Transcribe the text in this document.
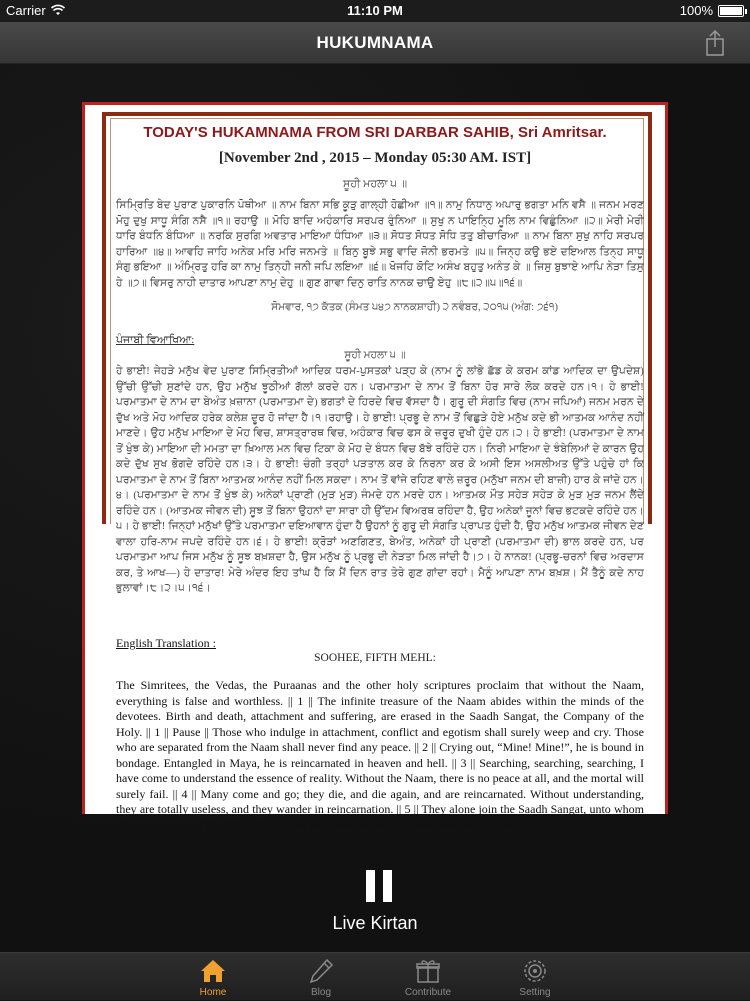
Carrier	11:10 PM	100%
HUKUMNAMA
TODAY'S HUKAMNAMA FROM SRI DARBAR SAHIB, Sri Amritsar.
[November 2nd , 2015 – Monday 05:30 AM. IST]
ਸੂਹੀ ਮਹਲਾ ੫ ॥
ਸਿਮ੍ਰਿਤਿ ਬੇਦ ਪੁਰਾਣ ਪੁਕਾਰਨਿ ਪੋਥੀਆ ॥ ਨਾਮ ਬਿਨਾ ਸਭਿ ਕੂੜੁ ਗਾਲ੍ਹੀ ਹੋਛੀਆ ॥੧॥ ਨਾਮੁ ਨਿਧਾਨੁ ਅਪਾਰੁ ਭਗਤਾ ਮਨਿ ਵਸੈ ॥ ਜਨਮ ਮਰਣ ਮੋਹੁ ਦੁਖੁ ਸਾਧੂ ਸੰਗਿ ਨਸੈ ॥੧॥ ਰਹਾਉ ॥ ਮੋਹਿ ਬਾਦਿ ਅਹੰਕਾਰਿ ਸਰਪਰ ਰੁੰਨਿਆ ॥ ਸੁਖੁ ਨ ਪਾਇਨ੍ਹਿ ਮੂਲਿ ਨਾਮ ਵਿਛੁੰਨਿਆ ॥੨॥ ਮੇਰੀ ਮੇਰੀ ਧਾਰਿ ਬੰਧਨਿ ਬੰਧਿਆ ॥ ਨਰਕਿ ਸੁਰਗਿ ਅਵਤਾਰ ਮਾਇਆ ਧੰਧਿਆ ॥੩॥ ਸੋਧਤ ਸੋਧਤ ਸੋਧਿ ਤਤੁ ਬੀਚਾਰਿਆ ॥ ਨਾਮ ਬਿਨਾ ਸੁਖੁ ਨਾਹਿ ਸਰਪਰ ਹਾਰਿਆ ॥੪॥ ਆਵਹਿ ਜਾਹਿ ਅਨੇਕ ਮਰਿ ਮਰਿ ਜਨਮਤੇ ॥ ਬਿਨੁ ਬੂਝੇ ਸਭੁ ਵਾਦਿ ਜੋਨੀ ਭਰਮਤੇ ॥੫॥ ਜਿਨ੍ਹ ਕਉ ਭਏ ਦਇਆਲ ਤਿਨ੍ਹ ਸਾਧੂ ਸੰਗੁ ਭਇਆ ॥ ਅੰਮ੍ਰਿਤੁ ਹਰਿ ਕਾ ਨਾਮੁ ਤਿਨ੍ਹੀ ਜਨੀ ਜਪਿ ਲਇਆ ॥੬॥ ਖੋਜਹਿ ਕੋਟਿ ਅਸੰਖ ਬਹੁਤੁ ਅਨੰਤ ਕੇ ॥ ਜਿਸੁ ਬੁਝਾਏ ਆਪਿ ਨੇੜਾ ਤਿਸੁ ਹੇ ॥੭॥ ਵਿਸਰੁ ਨਾਹੀ ਦਾਤਾਰ ਆਪਣਾ ਨਾਮੁ ਦੇਹੁ ॥ ਗੁਣ ਗਾਵਾ ਦਿਨੁ ਰਾਤਿ ਨਾਨਕ ਚਾਉ ਏਹੁ ॥੮॥੨॥੫॥੧੬॥
ਸੋਮਵਾਰ, ੧੭ ਕੱਤਕ (ਸੰਮਤ ੫੪੭ ਨਾਨਕਸ਼ਾਹੀ) ੨ ਨਵੰਬਰ, ੨੦੧੫ (ਅੰਗ: ੭੬੧)
ਪੰਜਾਬੀ ਵਿਆਖਿਆ:
ਸੂਹੀ ਮਹਲਾ ੫ ॥
ਹੇ ਭਾਈ! ਜੇਹੜੇ ਮਨੁੱਖ ਵੇਦ ਪੁਰਾਣ ਸਿਮ੍ਰਿਤੀਆਂ ਆਦਿਕ ਧਰਮ-ਪੁਸਤਕਾਂ ਪੜ੍ਹ ਕੇ (ਨਾਮ ਨੂੰ ਲਾਂਭੇ ਛੱਡ ਕੇ ਕਰਮ ਕਾਂਡ ਆਦਿਕ ਦਾ ਉਪਦੇਸ਼) ਉੱਚੀ ਉੱਚੀ ਸੁਣਾਂਦੇ ਹਨ, ਉਹ ਮਨੁੱਖ ਝੂਠੀਆਂ ਗੱਲਾਂ ਕਰਦੇ ਹਨ। ਪਰਮਾਤਮਾ ਦੇ ਨਾਮ ਤੋਂ ਬਿਨਾ ਹੋਰ ਸਾਰੇ ਲੋਕ ਕਰਦੇ ਹਨ।੧। ਹੇ ਭਾਈ! ਪਰਮਾਤਮਾ ਦੇ ਨਾਮ ਦਾ ਬੇਅੰਤ ਖ਼ਜ਼ਾਨਾ (ਪਰਮਾਤਮਾ ਦੇ) ਭਗਤਾਂ ਦੇ ਹਿਰਦੇ ਵਿਚ ਵੱਸਦਾ ਹੈ। ਗੁਰੂ ਦੀ ਸੰਗਤਿ ਵਿਚ (ਨਾਮ ਜਪਿਆਂ) ਜਨਮ ਮਰਨ ਦੇ ਦੁੱਖ ਅਤੇ ਮੋਹ ਆਦਿਕ ਹਰੇਕ ਕਲੇਸ਼ ਦੂਰ ਹੋ ਜਾਂਦਾ ਹੈ।੧।ਰਹਾਉ। ਹੇ ਭਾਈ! ਪ੍ਰਭੂ ਦੇ ਨਾਮ ਤੋਂ ਵਿਛੁੜੇ ਹੋਏ ਮਨੁੱਖ ਕਦੇ ਭੀ ਆਤਮਕ ਆਨੰਦ ਨਹੀਂ ਮਾਣਦੇ। ਉਹ ਮਨੁੱਖ ਮਾਇਆ ਦੇ ਮੋਹ ਵਿਚ, ਸ਼ਾਸਤ੍ਰਾਰਥ ਵਿਚ, ਅਹੰਕਾਰ ਵਿਚ ਫਸ ਕੇ ਜ਼ਰੂਰ ਦੁਖੀ ਹੁੰਦੇ ਹਨ।੨। ਹੇ ਭਾਈ! (ਪਰਮਾਤਮਾ ਦੇ ਨਾਮ ਤੋਂ ਖੁੰਝ ਕੇ) ਮਾਇਆ ਦੀ ਮਮਤਾ ਦਾ ਖ਼ਿਆਲ ਮਨ ਵਿਚ ਟਿਕਾ ਕੇ ਮੋਹ ਦੇ ਬੰਧਨ ਵਿਚ ਬੱਝੇ ਰਹਿੰਦੇ ਹਨ। ਨਿਰੀ ਮਾਇਆ ਦੇ ਝੰਬੇਲਿਆਂ ਦੇ ਕਾਰਨ ਉਹ ਕਦੇ ਦੁੱਖ ਸੁਖ ਭੋਗਦੇ ਰਹਿੰਦੇ ਹਨ।੩। ਹੇ ਭਾਈ! ਚੰਗੀ ਤਰ੍ਹਾਂ ਪੜਤਾਲ ਕਰ ਕੇ ਨਿਰਨਾ ਕਰ ਕੇ ਅਸੀ ਇਸ ਅਸਲੀਅਤ ਉੱਤੇ ਪਹੁੰਚੇ ਹਾਂ ਕਿ ਪਰਮਾਤਮਾ ਦੇ ਨਾਮ ਤੋਂ ਬਿਨਾ ਆਤਮਕ ਆਨੰਦ ਨਹੀਂ ਮਿਲ ਸਕਦਾ। ਨਾਮ ਤੋਂ ਵਾਂਜੇ ਰਹਿਣ ਵਾਲੇ ਜ਼ਰੂਰ (ਮਨੁੱਖਾ ਜਨਮ ਦੀ ਬਾਜ਼ੀ) ਹਾਰ ਕੇ ਜਾਂਦੇ ਹਨ।੪। (ਪਰਮਾਤਮਾ ਦੇ ਨਾਮ ਤੋਂ ਖੁੰਝ ਕੇ) ਅਨੇਕਾਂ ਪ੍ਰਾਣੀ (ਮੁੜ ਮੁੜ) ਜੰਮਦੇ ਹਨ ਮਰਦੇ ਹਨ। ਆਤਮਕ ਮੌਤ ਸਹੇੜ ਸਹੇੜ ਕੇ ਮੁੜ ਮੁੜ ਜਨਮ ਲੈਂਦੇ ਰਹਿੰਦੇ ਹਨ। (ਆਤਮਕ ਜੀਵਨ ਦੀ) ਸੂਝ ਤੋਂ ਬਿਨਾ ਉਹਨਾਂ ਦਾ ਸਾਰਾ ਹੀ ਉੱਦਮ ਵਿਅਰਥ ਰਹਿੰਦਾ ਹੈ, ਉਹ ਅਨੇਕਾਂ ਜੂਨਾਂ ਵਿਚ ਭਟਕਦੇ ਰਹਿੰਦੇ ਹਨ।੫। ਹੇ ਭਾਈ! ਜਿਨ੍ਹਾਂ ਮਨੁੱਖਾਂ ਉੱਤੇ ਪਰਮਾਤਮਾ ਦਇਆਵਾਨ ਹੁੰਦਾ ਹੈ ਉਹਨਾਂ ਨੂੰ ਗੁਰੂ ਦੀ ਸੰਗਤਿ ਪ੍ਰਾਪਤ ਹੁੰਦੀ ਹੈ, ਉਹ ਮਨੁੱਖ ਆਤਮਕ ਜੀਵਨ ਦੇਣ ਵਾਲਾ ਹਰਿ-ਨਾਮ ਜਪਦੇ ਰਹਿੰਦੇ ਹਨ।੬। ਹੇ ਭਾਈ! ਕ੍ਰੋੜਾਂ ਅਣਗਿਣਤ, ਬੇਅੰਤ, ਅਨੇਕਾਂ ਹੀ ਪ੍ਰਾਣੀ (ਪਰਮਾਤਮਾ ਦੀ) ਭਾਲ ਕਰਦੇ ਹਨ, ਪਰ ਪਰਮਾਤਮਾ ਆਪ ਜਿਸ ਮਨੁੱਖ ਨੂੰ ਸੂਝ ਬਖ਼ਸ਼ਦਾ ਹੈ, ਉਸ ਮਨੁੱਖ ਨੂੰ ਪ੍ਰਭੂ ਦੀ ਨੇੜਤਾ ਮਿਲ ਜਾਂਦੀ ਹੈ।੭। ਹੇ ਨਾਨਕ! (ਪ੍ਰਭੂ-ਚਰਨਾਂ ਵਿਚ ਅਰਦਾਸ ਕਰ, ਤੇ ਆਖ—) ਹੇ ਦਾਤਾਰ! ਮੇਰੇ ਅੰਦਰ ਇਹ ਤਾਂਘ ਹੈ ਕਿ ਮੈਂ ਦਿਨ ਰਾਤ ਤੇਰੇ ਗੁਣ ਗਾਂਦਾ ਰਹਾਂ। ਮੈਨੂੰ ਆਪਣਾ ਨਾਮ ਬਖ਼ਸ਼। ਮੈਂ ਤੈਨੂੰ ਕਦੇ ਨਾਹ ਭੁਲਾਵਾਂ।੮।੨।੫।੧੬।
English Translation :
SOOHEE, FIFTH MEHL:
The Simritees, the Vedas, the Puraanas and the other holy scriptures proclaim that without the Naam, everything is false and worthless. || 1 || The infinite treasure of the Naam abides within the minds of the devotees. Birth and death, attachment and suffering, are erased in the Saadh Sangat, the Company of the Holy. || 1 || Pause || Those who indulge in attachment, conflict and egotism shall surely weep and cry. Those who are separated from the Naam shall never find any peace. || 2 || Crying out, “Mine! Mine!”, he is bound in bondage. Entangled in Maya, he is reincarnated in heaven and hell. || 3 || Searching, searching, searching, I have come to understand the essence of reality. Without the Naam, there is no peace at all, and the mortal will surely fail. || 4 || Many come and go; they die, and die again, and are reincarnated. Without understanding, they are totally useless, and they wander in reincarnation. || 5 || They alone join the Saadh Sangat, unto whom the Lord becomes Merciful. They chant and meditate on the Ambrosial Name of the
Live Kirtan
Home	Blog	Contribute	Setting
